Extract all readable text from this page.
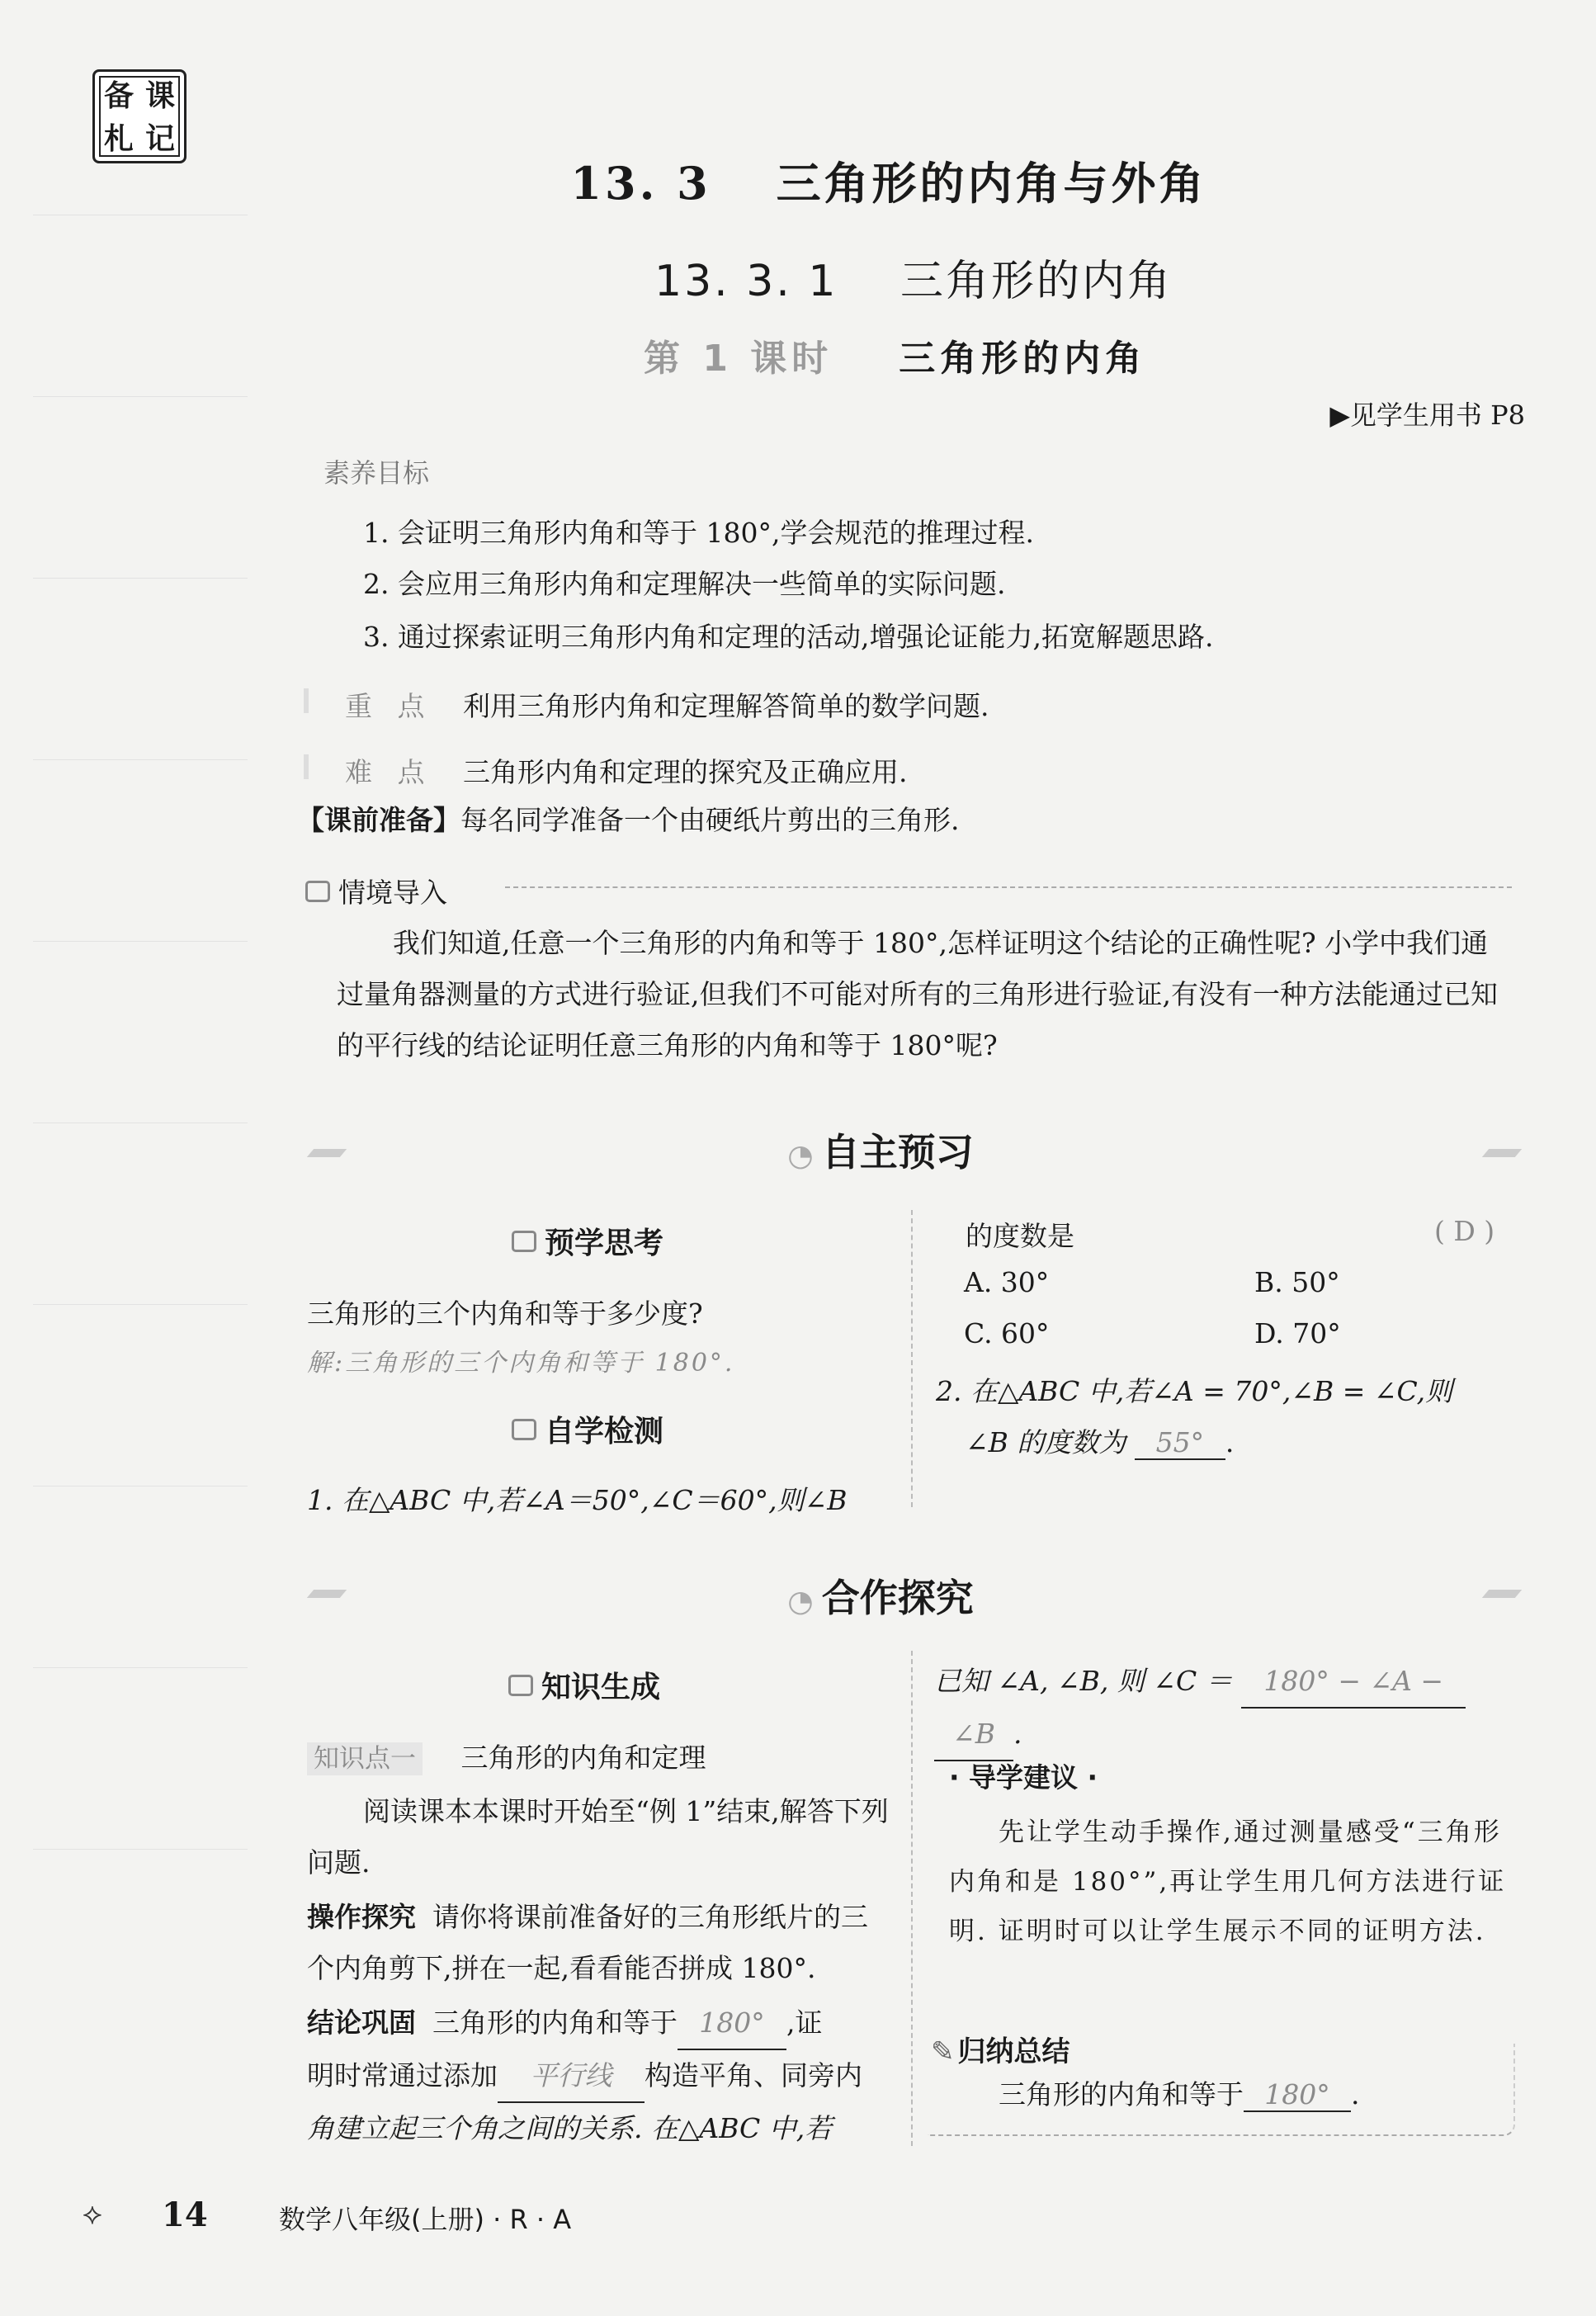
备 课
札 记
13. 3 三角形的内角与外角
13. 3. 1 三角形的内角
第 1 课时 三角形的内角
▶见学生用书 P8
素养目标
1. 会证明三角形内角和等于 180°,学会规范的推理过程.
2. 会应用三角形内角和定理解决一些简单的实际问题.
3. 通过探索证明三角形内角和定理的活动,增强论证能力,拓宽解题思路.
重 点 利用三角形内角和定理解答简单的数学问题.
难 点 三角形内角和定理的探究及正确应用.
【课前准备】每名同学准备一个由硬纸片剪出的三角形.
情境导入
我们知道,任意一个三角形的内角和等于 180°,怎样证明这个结论的正确性呢? 小学中我们通过量角器测量的方式进行验证,但我们不可能对所有的三角形进行验证,有没有一种方法能通过已知的平行线的结论证明任意三角形的内角和等于 180°呢?
◔ 自主预习
预学思考
三角形的三个内角和等于多少度?
解:三角形的三个内角和等于 180°.
自学检测
1. 在△ABC 中,若∠A＝50°,∠C＝60°,则∠B
的度数是	( D )
A. 30°	B. 50°
C. 60°	D. 70°
2. 在△ABC 中,若∠A = 70°,∠B = ∠C,则
∠B 的度数为 55° .
◔ 合作探究
知识生成
知识点一 三角形的内角和定理
阅读课本本课时开始至“例 1”结束,解答下列问题.
操作探究 请你将课前准备好的三角形纸片的三个内角剪下,拼在一起,看看能否拼成 180°.
结论巩固 三角形的内角和等于 180° ,证
明时常通过添加 平行线 构造平角、同旁内
角建立起三个角之间的关系. 在△ABC 中,若
已知 ∠A, ∠B, 则 ∠C ＝ 180° − ∠A −
∠B .
· 导学建议 ·
先让学生动手操作,通过测量感受“三角形内角和是 180°”,再让学生用几何方法进行证明. 证明时可以让学生展示不同的证明方法.
✎ 归纳总结
三角形的内角和等于 180° .
⟡ 14	数学八年级(上册) · R · A
